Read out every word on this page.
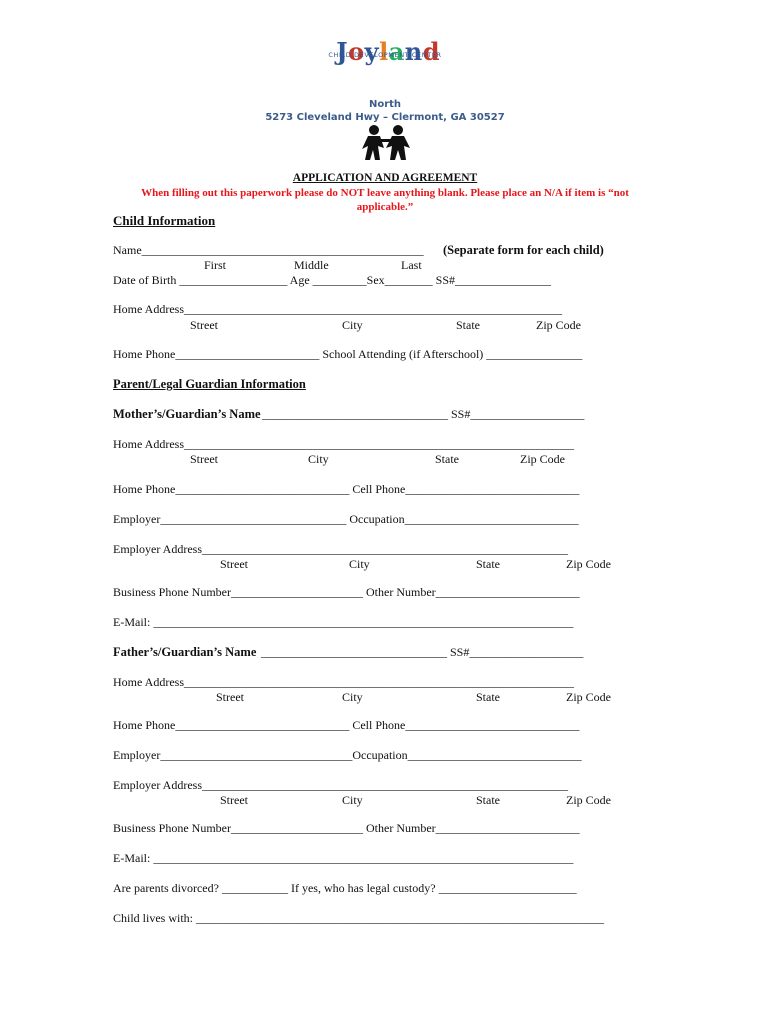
Joyland

CHILD DEVELOPMENT CENTER
North
5273 Cleveland Hwy – Clermont, GA 30527
APPLICATION AND AGREEMENT
When filling out this paperwork please do NOT leave anything blank. Please place an N/A if item is “not applicable.”
Child Information
Name_______________________________________________ (Separate form for each child)
First	Middle	Last
Date of Birth __________________ Age _________Sex________ SS#________________
Home Address_______________________________________________________________
Street	City	State	Zip Code
Home Phone________________________ School Attending (if Afterschool) ________________
Parent/Legal Guardian Information
Mother’s/Guardian’s Name _______________________________ SS#___________________
Home Address_________________________________________________________________
Street	City	State	Zip Code
Home Phone_____________________________ Cell Phone_____________________________
Employer_______________________________ Occupation_____________________________
Employer Address_____________________________________________________________
Street	City	State	Zip Code
Business Phone Number______________________ Other Number________________________
E-Mail: ______________________________________________________________________
Father’s/Guardian’s Name _______________________________ SS#___________________
Home Address_________________________________________________________________
Street	City	State	Zip Code
Home Phone_____________________________ Cell Phone_____________________________
Employer________________________________Occupation_____________________________
Employer Address_____________________________________________________________
Street	City	State	Zip Code
Business Phone Number______________________ Other Number________________________
E-Mail: ______________________________________________________________________
Are parents divorced? ___________ If yes, who has legal custody? _______________________
Child lives with: ____________________________________________________________________
